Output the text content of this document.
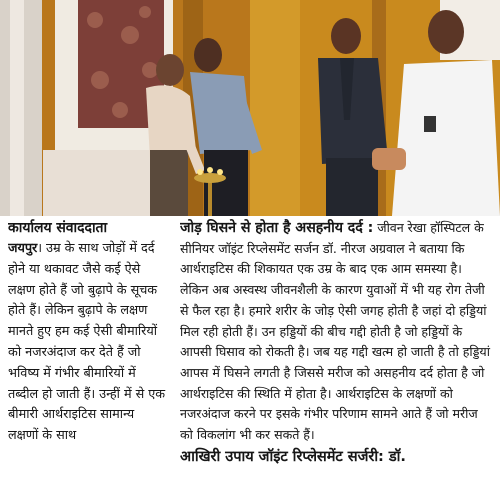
कार्यालय संवाददाता

जयपुर। उम्र के साथ जोड़ों में दर्द होने या थकावट जैसे कई ऐसे लक्षण होते हैं जो बुढ़ापे के सूचक होते हैं। लेकिन बुढ़ापे के लक्षण मानते हुए हम कई ऐसी बीमारियों को नजरअंदाज कर देते हैं जो भविष्य में गंभीर बीमारियों में तब्दील हो जाती हैं। उन्हीं में से एक बीमारी आर्थराइटिस सामान्य लक्षणों के साथ

जोड़ घिसने से होता है असहनीय दर्द : जीवन रेखा हॉस्पिटल के सीनियर जॉइंट रिप्लेसमेंट सर्जन डॉ. नीरज अग्रवाल ने बताया कि आर्थराइटिस की शिकायत एक उम्र के बाद एक आम समस्या है। लेकिन अब अस्वस्थ जीवनशैली के कारण युवाओं में भी यह रोग तेजी से फैल रहा है। हमारे शरीर के जोड़ ऐसी जगह होती है जहां दो हड्डियां मिल रही होती हैं। उन हड्डियों की बीच गद्दी होती है जो हड्डियों के आपसी घिसाव को रोकती है। जब यह गद्दी खत्म हो जाती है तो हड्डियां आपस में घिसने लगती है जिससे मरीज को असहनीय दर्द होता है जो आर्थराइटिस की स्थिति में होता है। आर्थराइटिस के लक्षणों को नजरअंदाज करने पर इसके गंभीर परिणाम सामने आते हैं जो मरीज को विकलांग भी कर सकते हैं।

आखिरी उपाय जॉइंट रिप्लेसमेंट सर्जरी: डॉ.
